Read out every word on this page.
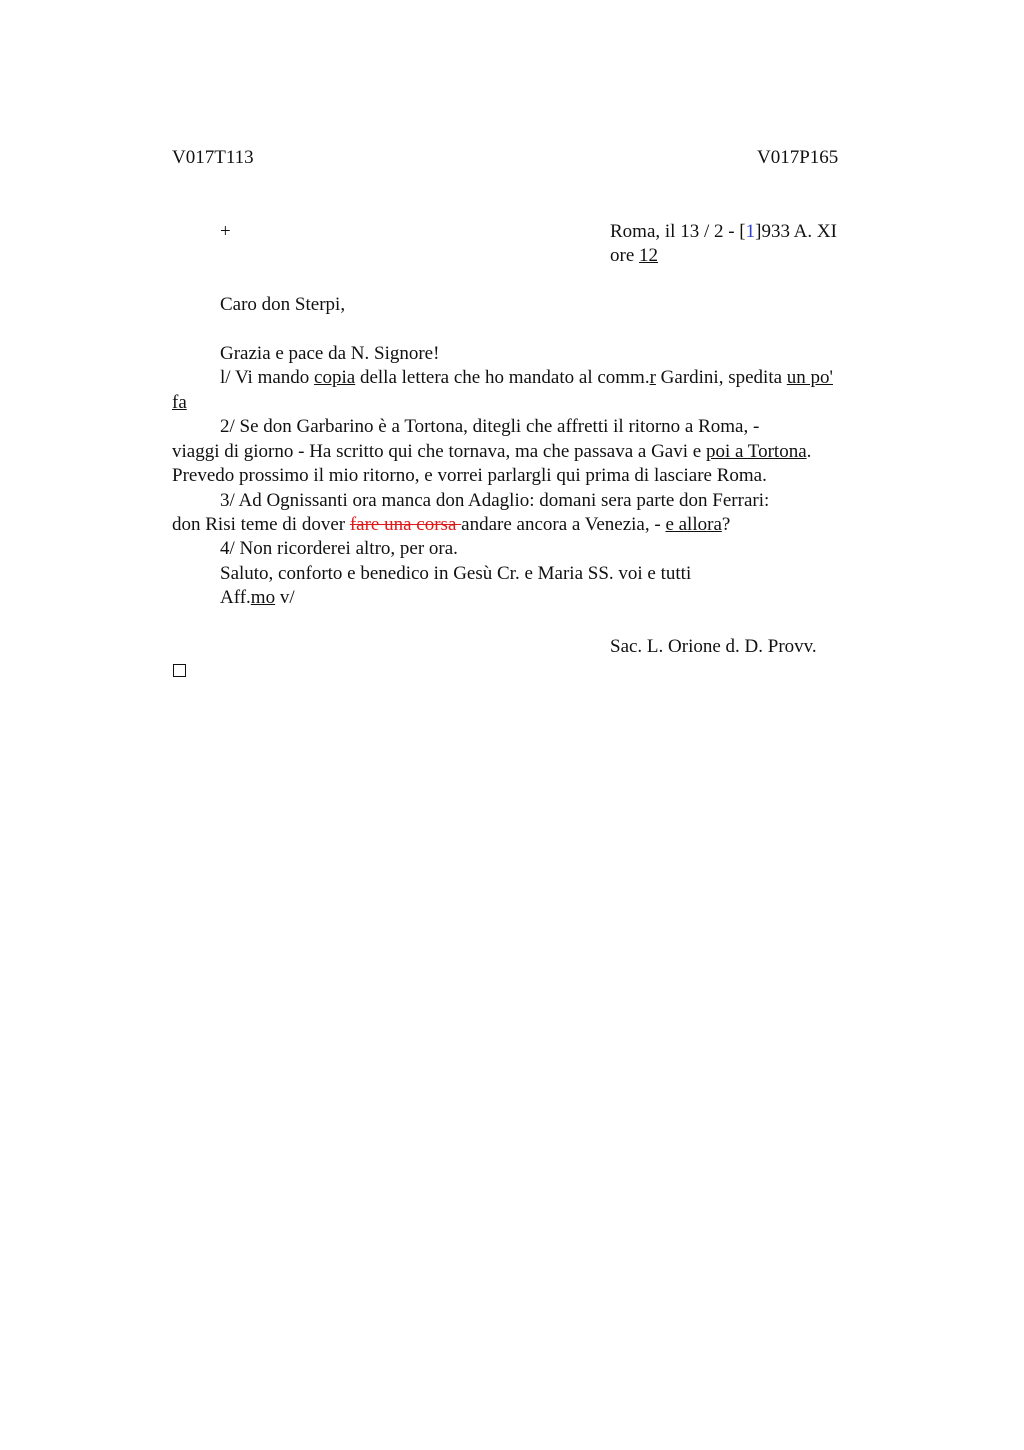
V017T113	V017P165
+	Roma, il 13 / 2 - [1]933 A. XI
ore 12
Caro don Sterpi,
Grazia e pace da N. Signore!
l/ Vi mando copia della lettera che ho mandato al comm.r Gardini, spedita un po'
fa
2/ Se don Garbarino è a Tortona, ditegli che affretti il ritorno a Roma, -
viaggi di giorno - Ha scritto qui che tornava, ma che passava a Gavi e poi a Tortona.
Prevedo prossimo il mio ritorno, e vorrei parlargli qui prima di lasciare Roma.
3/ Ad Ognissanti ora manca don Adaglio: domani sera parte don Ferrari:
don Risi teme di dover fare una corsa andare ancora a Venezia, - e allora?
4/ Non ricorderei altro, per ora.
Saluto, conforto e benedico in Gesù Cr. e Maria SS. voi e tutti
Aff.mo v/
Sac. L. Orione d. D. Provv.
